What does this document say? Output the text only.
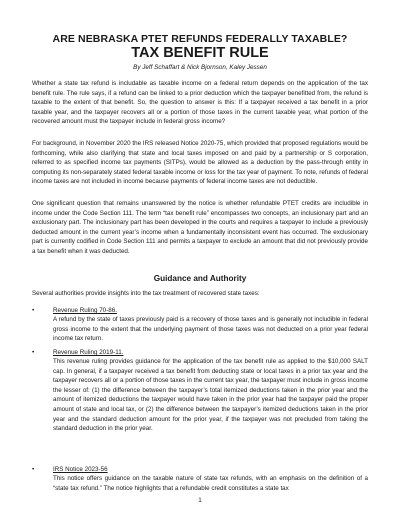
ARE NEBRASKA PTET REFUNDS FEDERALLY TAXABLE?
TAX BENEFIT RULE
By Jeff Schaffart & Nick Bjornson, Kaley Jessen

Whether a state tax refund is includable as taxable income on a federal return depends on the application of the tax benefit rule. The rule says, if a refund can be linked to a prior deduction which the taxpayer benefitted from, the refund is taxable to the extent of that benefit. So, the question to answer is this: If a taxpayer received a tax benefit in a prior taxable year, and the taxpayer recovers all or a portion of those taxes in the current taxable year, what portion of the recovered amount must the taxpayer include in federal gross income?

For background, in November 2020 the IRS released Notice 2020-75, which provided that proposed regulations would be forthcoming, while also clarifying that state and local taxes imposed on and paid by a partnership or S corporation, referred to as specified income tax payments (SITPs), would be allowed as a deduction by the pass-through entity in computing its non-separately stated federal taxable income or loss for the tax year of payment. To note, refunds of federal income taxes are not included in income because payments of federal income taxes are not deductible.

One significant question that remains unanswered by the notice is whether refundable PTET credits are includible in income under the Code Section 111. The term “tax benefit rule” encompasses two concepts, an inclusionary part and an exclusionary part. The inclusionary part has been developed in the courts and requires a taxpayer to include a previously deducted amount in the current year’s income when a fundamentally inconsistent event has occurred. The exclusionary part is currently codified in Code Section 111 and permits a taxpayer to exclude an amount that did not previously provide a tax benefit when it was deducted.

Guidance and Authority

Several authorities provide insights into the tax treatment of recovered state taxes:

•	Revenue Ruling 70-86.

A refund by the state of taxes previously paid is a recovery of those taxes and is generally not includible in federal gross income to the extent that the underlying payment of those taxes was not deducted on a prior year federal income tax return.

•	Revenue Ruling 2019-11.

This revenue ruling provides guidance for the application of the tax benefit rule as applied to the $10,000 SALT cap. In general, if a taxpayer received a tax benefit from deducting state or local taxes in a prior tax year and the taxpayer recovers all or a portion of those taxes in the current tax year, the taxpayer must include in gross income the lesser of: (1) the difference between the taxpayer’s total itemized deductions taken in the prior year and the amount of itemized deductions the taxpayer would have taken in the prior year had the taxpayer paid the proper amount of state and local tax, or (2) the difference between the taxpayer’s itemized deductions taken in the prior year and the standard deduction amount for the prior year, if the taxpayer was not precluded from taking the standard deduction in the prior year.

•	IRS Notice 2023-56

This notice offers guidance on the taxable nature of state tax refunds, with an emphasis on the definition of a “state tax refund.” The notice highlights that a refundable credit constitutes a state tax

1
